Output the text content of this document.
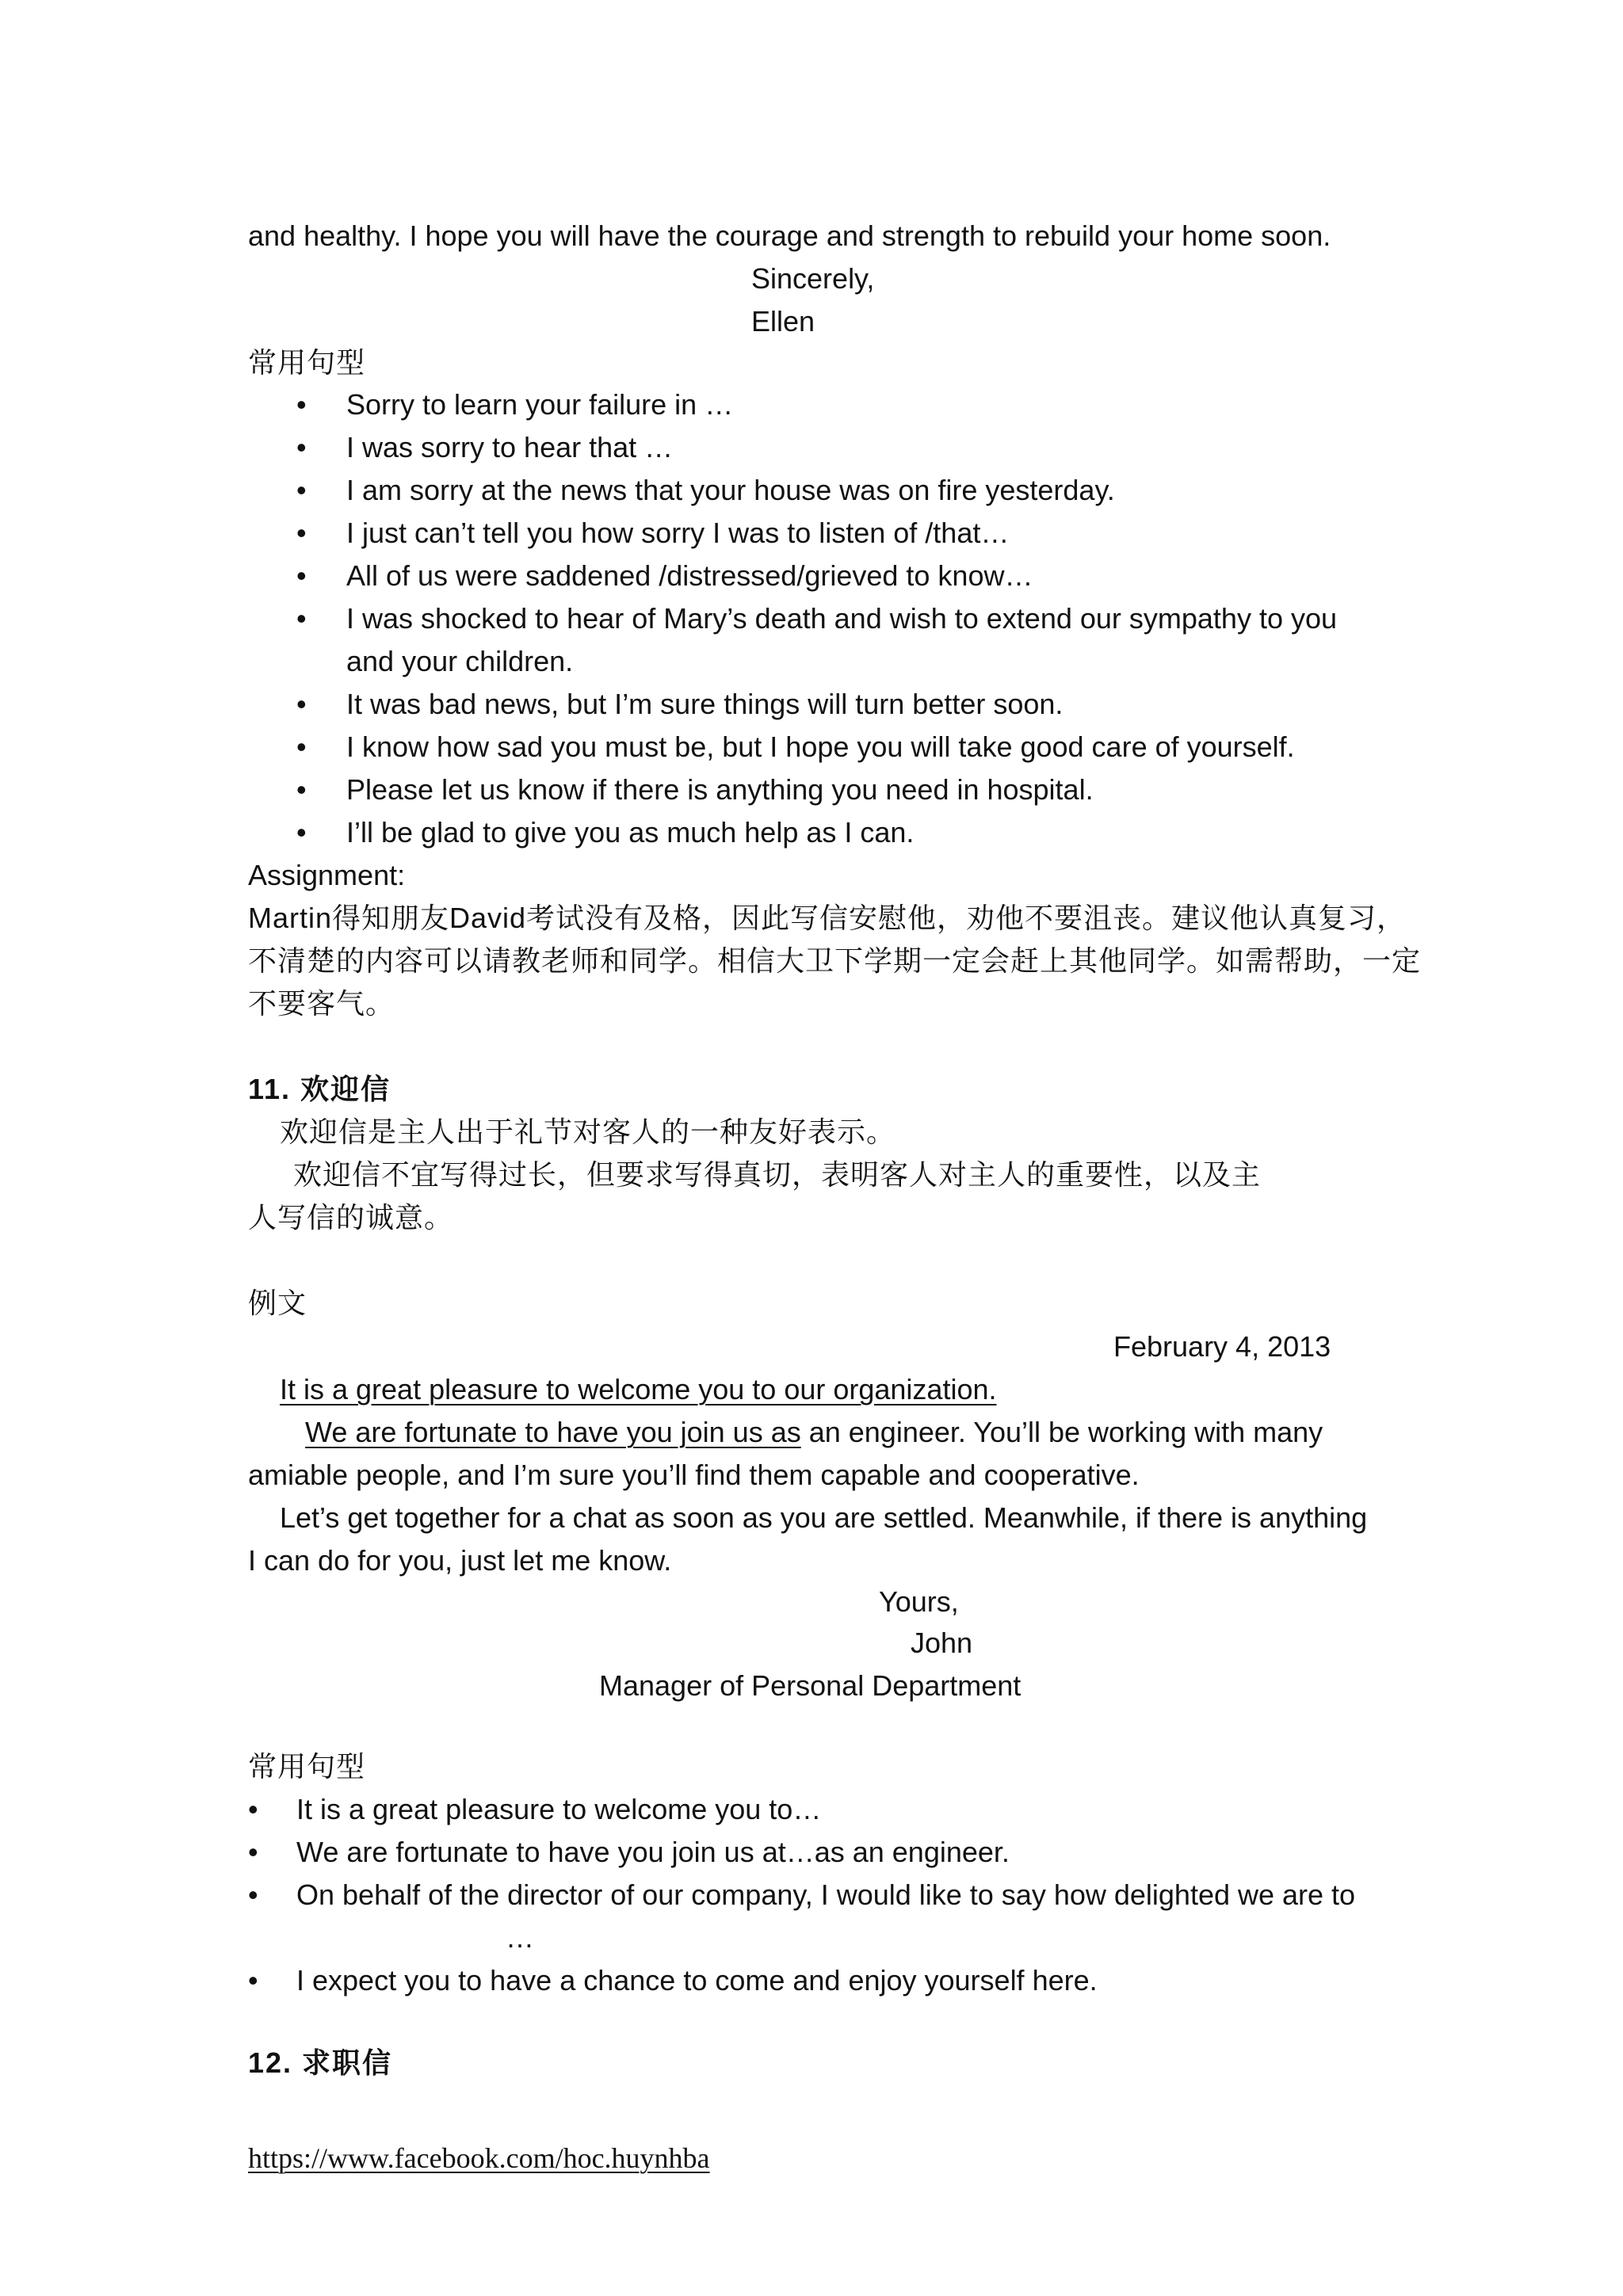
and healthy. I hope you will have the courage and strength to rebuild your home soon.
Sincerely,
Ellen
常用句型
• Sorry to learn your failure in …
• I was sorry to hear that …
• I am sorry at the news that your house was on fire yesterday.
• I just can’t tell you how sorry I was to listen of /that…
• All of us were saddened /distressed/grieved to know…
• I was shocked to hear of Mary’s death and wish to extend our sympathy to you
and your children.
• It was bad news, but I’m sure things will turn better soon.
• I know how sad you must be, but I hope you will take good care of yourself.
• Please let us know if there is anything you need in hospital.
• I’ll be glad to give you as much help as I can.
Assignment:
Martin得知朋友David考试没有及格，因此写信安慰他，劝他不要沮丧。建议他认真复习，
不清楚的内容可以请教老师和同学。相信大卫下学期一定会赶上其他同学。如需帮助，一定
不要客气。
11. 欢迎信
欢迎信是主人出于礼节对客人的一种友好表示。
欢迎信不宜写得过长，但要求写得真切，表明客人对主人的重要性，以及主
人写信的诚意。
例文
February 4, 2013
It is a great pleasure to welcome you to our organization.
We are fortunate to have you join us as an engineer. You’ll be working with many
amiable people, and I’m sure you’ll find them capable and cooperative.
Let’s get together for a chat as soon as you are settled. Meanwhile, if there is anything
I can do for you, just let me know.
Yours,
John
Manager of Personal Department
常用句型
• It is a great pleasure to welcome you to…
• We are fortunate to have you join us at…as an engineer.
• On behalf of the director of our company, I would like to say how delighted we are to
…
• I expect you to have a chance to come and enjoy yourself here.
12. 求职信
https://www.facebook.com/hoc.huynhba
